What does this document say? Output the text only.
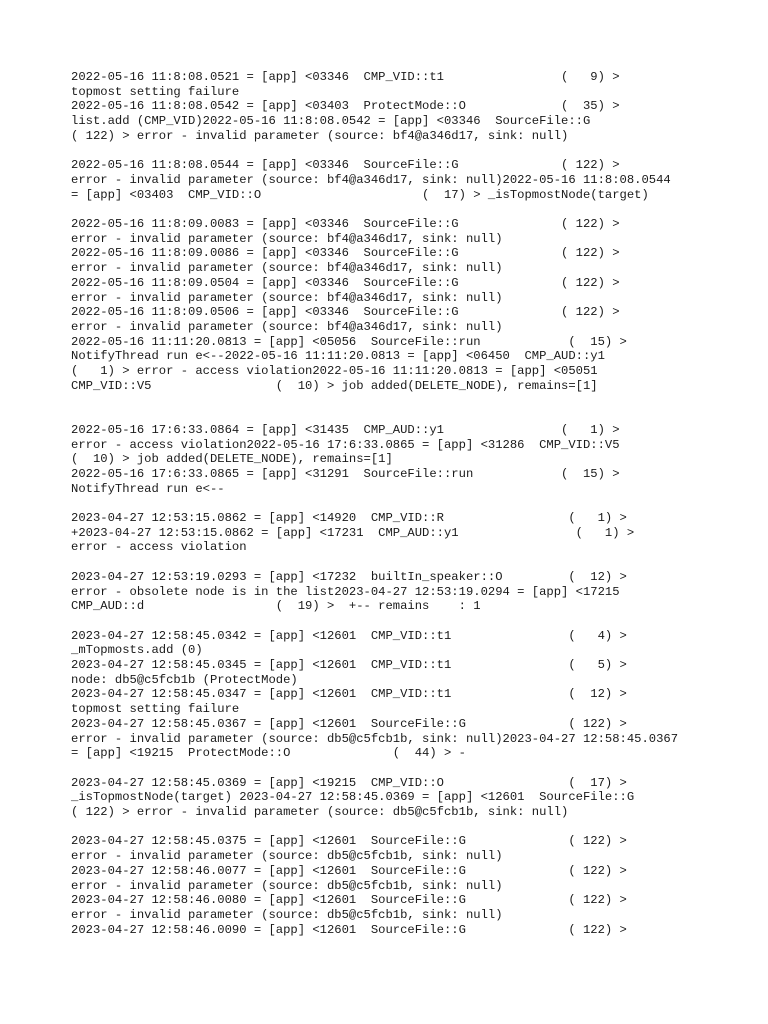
2022-05-16 11:8:08.0521 = [app] <03346  CMP_VID::t1                (   9) >
topmost setting failure
2022-05-16 11:8:08.0542 = [app] <03403  ProtectMode::O             (  35) >
list.add (CMP_VID)2022-05-16 11:8:08.0542 = [app] <03346  SourceFile::G
( 122) > error - invalid parameter (source: bf4@a346d17, sink: null)
2022-05-16 11:8:08.0544 = [app] <03346  SourceFile::G              ( 122) >
error - invalid parameter (source: bf4@a346d17, sink: null)2022-05-16 11:8:08.0544
= [app] <03403  CMP_VID::O                      (  17) > _isTopmostNode(target)
2022-05-16 11:8:09.0083 = [app] <03346  SourceFile::G              ( 122) >
error - invalid parameter (source: bf4@a346d17, sink: null)
2022-05-16 11:8:09.0086 = [app] <03346  SourceFile::G              ( 122) >
error - invalid parameter (source: bf4@a346d17, sink: null)
2022-05-16 11:8:09.0504 = [app] <03346  SourceFile::G              ( 122) >
error - invalid parameter (source: bf4@a346d17, sink: null)
2022-05-16 11:8:09.0506 = [app] <03346  SourceFile::G              ( 122) >
error - invalid parameter (source: bf4@a346d17, sink: null)
2022-05-16 11:11:20.0813 = [app] <05056  SourceFile::run            (  15) >
NotifyThread run e<--2022-05-16 11:11:20.0813 = [app] <06450  CMP_AUD::y1
(   1) > error - access violation2022-05-16 11:11:20.0813 = [app] <05051
CMP_VID::V5                 (  10) > job added(DELETE_NODE), remains=[1]
2022-05-16 17:6:33.0864 = [app] <31435  CMP_AUD::y1                (   1) >
error - access violation2022-05-16 17:6:33.0865 = [app] <31286  CMP_VID::V5
(  10) > job added(DELETE_NODE), remains=[1]
2022-05-16 17:6:33.0865 = [app] <31291  SourceFile::run            (  15) >
NotifyThread run e<--
2023-04-27 12:53:15.0862 = [app] <14920  CMP_VID::R                 (   1) >
+2023-04-27 12:53:15.0862 = [app] <17231  CMP_AUD::y1                (   1) >
error - access violation
2023-04-27 12:53:19.0293 = [app] <17232  builtIn_speaker::O         (  12) >
error - obsolete node is in the list2023-04-27 12:53:19.0294 = [app] <17215
CMP_AUD::d                  (  19) >  +-- remains    : 1
2023-04-27 12:58:45.0342 = [app] <12601  CMP_VID::t1                (   4) >
_mTopmosts.add (0)
2023-04-27 12:58:45.0345 = [app] <12601  CMP_VID::t1                (   5) >
node: db5@c5fcb1b (ProtectMode)
2023-04-27 12:58:45.0347 = [app] <12601  CMP_VID::t1                (  12) >
topmost setting failure
2023-04-27 12:58:45.0367 = [app] <12601  SourceFile::G              ( 122) >
error - invalid parameter (source: db5@c5fcb1b, sink: null)2023-04-27 12:58:45.0367
= [app] <19215  ProtectMode::O              (  44) > -
2023-04-27 12:58:45.0369 = [app] <19215  CMP_VID::O                 (  17) >
_isTopmostNode(target) 2023-04-27 12:58:45.0369 = [app] <12601  SourceFile::G
( 122) > error - invalid parameter (source: db5@c5fcb1b, sink: null)
2023-04-27 12:58:45.0375 = [app] <12601  SourceFile::G              ( 122) >
error - invalid parameter (source: db5@c5fcb1b, sink: null)
2023-04-27 12:58:46.0077 = [app] <12601  SourceFile::G              ( 122) >
error - invalid parameter (source: db5@c5fcb1b, sink: null)
2023-04-27 12:58:46.0080 = [app] <12601  SourceFile::G              ( 122) >
error - invalid parameter (source: db5@c5fcb1b, sink: null)
2023-04-27 12:58:46.0090 = [app] <12601  SourceFile::G              ( 122) >
